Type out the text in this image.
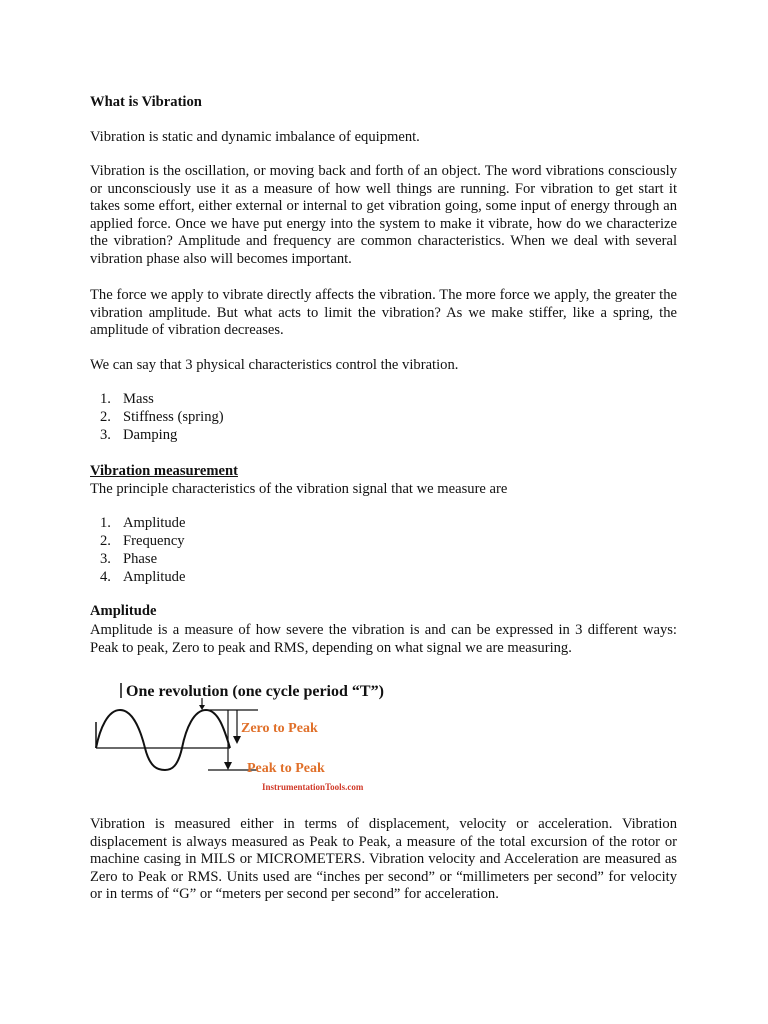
What is Vibration

Vibration is static and dynamic imbalance of equipment.

Vibration is the oscillation, or moving back and forth of an object. The word vibrations consciously or unconsciously use it as a measure of how well things are running. For vibration to get start it takes some effort, either external or internal to get vibration going, some input of energy through an applied force. Once we have put energy into the system to make it vibrate, how do we characterize the vibration? Amplitude and frequency are common characteristics. When we deal with several vibration phase also will becomes important.

The force we apply to vibrate directly affects the vibration. The more force we apply, the greater the vibration amplitude. But what acts to limit the vibration? As we make stiffer, like a spring, the amplitude of vibration decreases.

We can say that 3 physical characteristics control the vibration.

1. Mass
2. Stiffness (spring)
3. Damping

Vibration measurement

The principle characteristics of the vibration signal that we measure are

1. Amplitude
2. Frequency
3. Phase
4. Amplitude

Amplitude

Amplitude is a measure of how severe the vibration is and can be expressed in 3 different ways: Peak to peak, Zero to peak and RMS, depending on what signal we are measuring.

One revolution (one cycle period “T”)
Zero to Peak
Peak to Peak
InstrumentationTools.com

Vibration is measured either in terms of displacement, velocity or acceleration. Vibration displacement is always measured as Peak to Peak, a measure of the total excursion of the rotor or machine casing in MILS or MICROMETERS. Vibration velocity and Acceleration are measured as Zero to Peak or RMS. Units used are “inches per second” or “millimeters per second” for velocity or in terms of “G” or “meters per second per second” for acceleration.
